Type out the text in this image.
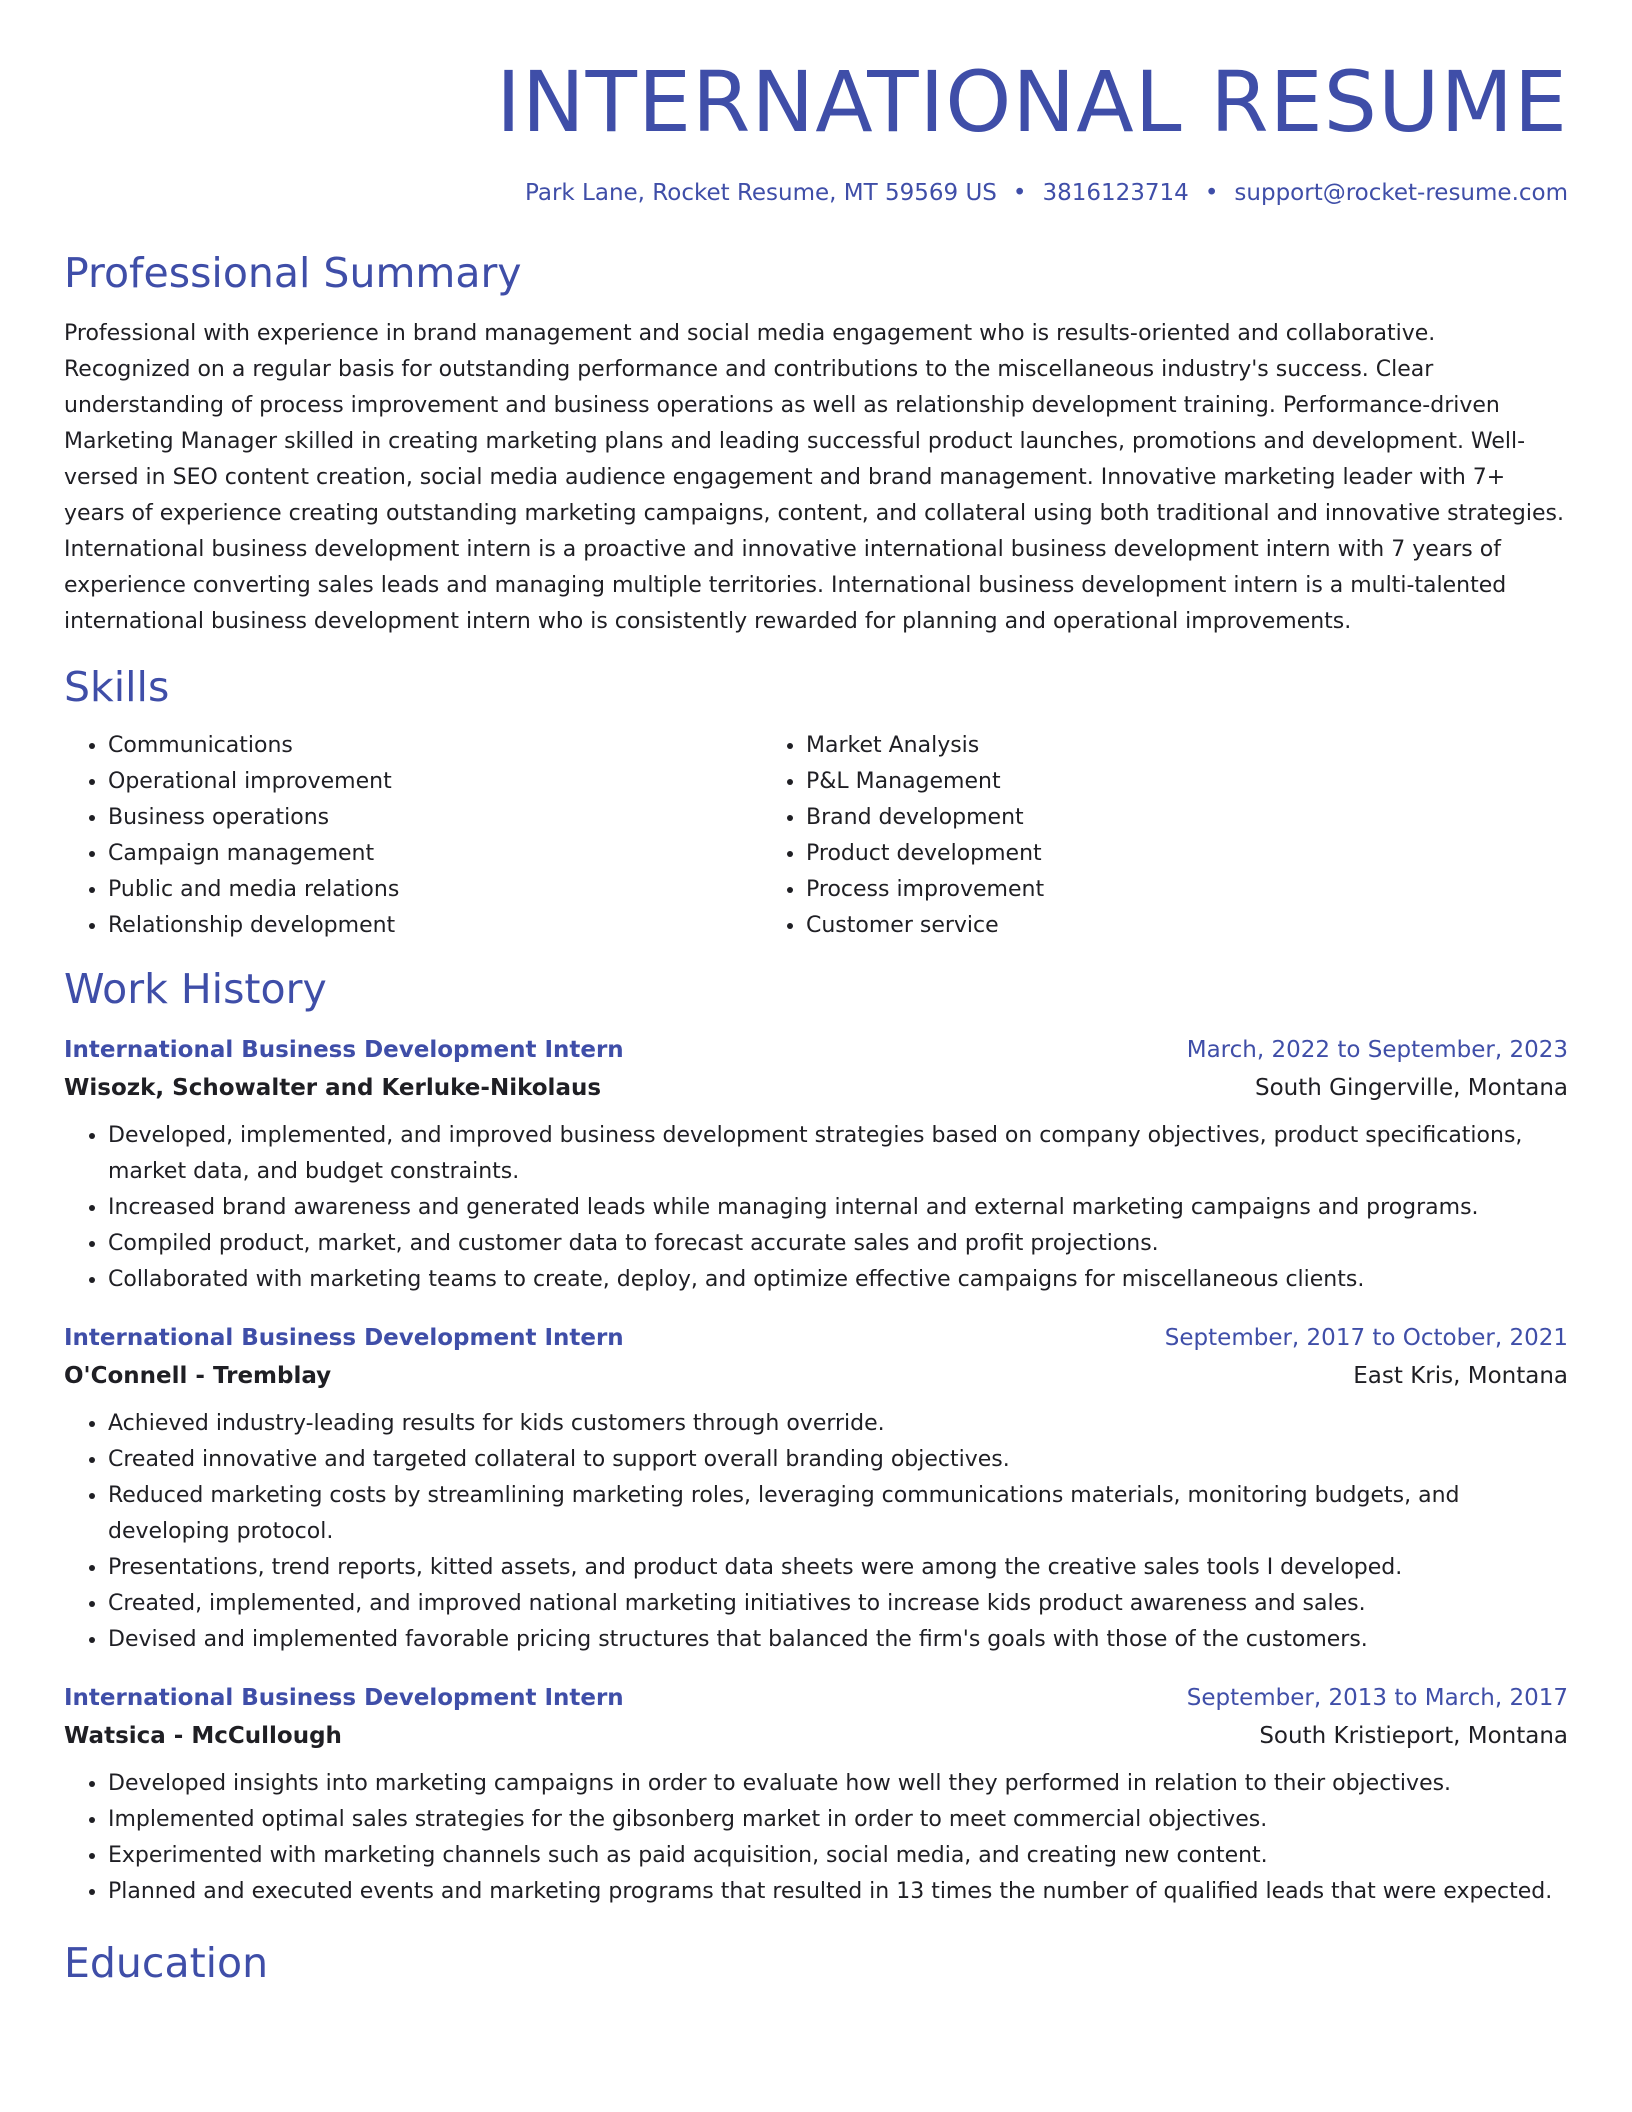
INTERNATIONAL RESUME
Park Lane, Rocket Resume, MT 59569 US • 3816123714 • support@rocket-resume.com
Professional Summary
Professional with experience in brand management and social media engagement who is results-oriented and collaborative. Recognized on a regular basis for outstanding performance and contributions to the miscellaneous industry's success. Clear understanding of process improvement and business operations as well as relationship development training. Performance-driven Marketing Manager skilled in creating marketing plans and leading successful product launches, promotions and development. Well-versed in SEO content creation, social media audience engagement and brand management. Innovative marketing leader with 7+ years of experience creating outstanding marketing campaigns, content, and collateral using both traditional and innovative strategies. International business development intern is a proactive and innovative international business development intern with 7 years of experience converting sales leads and managing multiple territories. International business development intern is a multi-talented international business development intern who is consistently rewarded for planning and operational improvements.
Skills
• Communications
• Operational improvement
• Business operations
• Campaign management
• Public and media relations
• Relationship development
• Market Analysis
• P&L Management
• Brand development
• Product development
• Process improvement
• Customer service
Work History
International Business Development Intern	March, 2022 to September, 2023
Wisozk, Schowalter and Kerluke-Nikolaus	South Gingerville, Montana
• Developed, implemented, and improved business development strategies based on company objectives, product specifications, market data, and budget constraints.
• Increased brand awareness and generated leads while managing internal and external marketing campaigns and programs.
• Compiled product, market, and customer data to forecast accurate sales and profit projections.
• Collaborated with marketing teams to create, deploy, and optimize effective campaigns for miscellaneous clients.
International Business Development Intern	September, 2017 to October, 2021
O'Connell - Tremblay	East Kris, Montana
• Achieved industry-leading results for kids customers through override.
• Created innovative and targeted collateral to support overall branding objectives.
• Reduced marketing costs by streamlining marketing roles, leveraging communications materials, monitoring budgets, and developing protocol.
• Presentations, trend reports, kitted assets, and product data sheets were among the creative sales tools I developed.
• Created, implemented, and improved national marketing initiatives to increase kids product awareness and sales.
• Devised and implemented favorable pricing structures that balanced the firm's goals with those of the customers.
International Business Development Intern	September, 2013 to March, 2017
Watsica - McCullough	South Kristieport, Montana
• Developed insights into marketing campaigns in order to evaluate how well they performed in relation to their objectives.
• Implemented optimal sales strategies for the gibsonberg market in order to meet commercial objectives.
• Experimented with marketing channels such as paid acquisition, social media, and creating new content.
• Planned and executed events and marketing programs that resulted in 13 times the number of qualified leads that were expected.
Education
